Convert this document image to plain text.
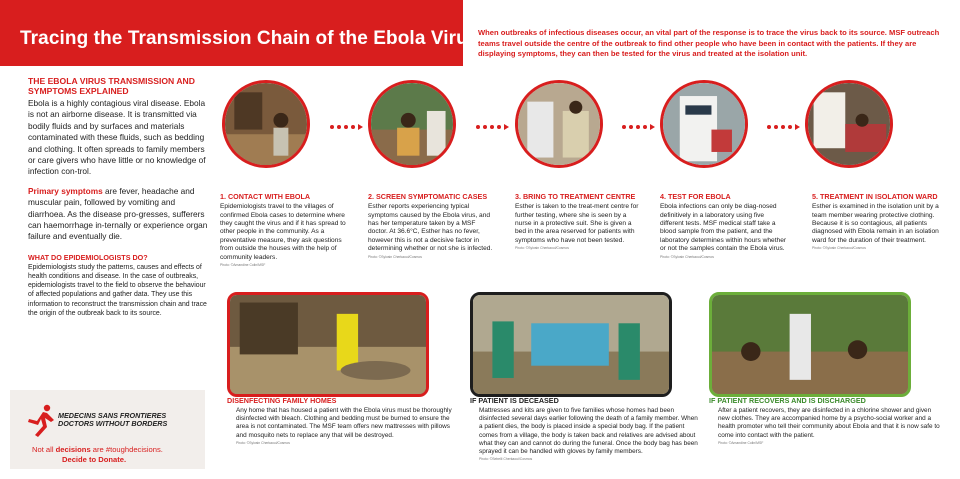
Tracing the Transmission Chain of the Ebola Virus When outbreaks of infectious diseases occur, an vital part of the response is to trace the virus back to its source. MSF outreach teams travel outside the centre of the outbreak to find other people who have been in contact with the patients. If they are displaying symptoms, they can then be tested for the virus and treated at the isolation unit.
THE EBOLA VIRUS TRANSMISSION AND SYMPTOMS EXPLAINED
Ebola is a highly contagious viral disease. Ebola is not an airborne disease. It is transmitted via bodily fluids and by surfaces and materials contaminated with these fluids, such as bedding and clothing. It often spreads to family members or care givers who have little or no knowledge of infection con-trol.
Primary symptoms are fever, headache and muscular pain, followed by vomiting and diarrhoea. As the disease pro-gresses, sufferers can haemorrhage in-ternally or experience organ failure and eventually die.
WHAT DO EPIDEMIOLOGISTS DO?
Epidemiologists study the patterns, causes and effects of health conditions and disease. In the case of outbreaks, epidemiologists travel to the field to observe the behaviour of affected populations and gather data. They use this information to reconstruct the transmission chain and trace the origin of the outbreak back to its source.
MEDECINS SANS FRONTIERES
DOCTORS WITHOUT BORDERS
Not all decisions are #toughdecisions.
Decide to Donate.
1. CONTACT WITH EBOLA
Epidemiologists travel to the villages of confirmed Ebola cases to determine where they caught the virus and if it has spread to other people in the community. As a preventative measure, they ask questions from outside the houses with the help of community leaders.
Photo: ©Amandine Colin/MSF
2. SCREEN SYMPTOMATIC CASES
Esther reports experiencing typical symptoms caused by the Ebola virus, and has her temperature taken by a MSF doctor. At 36.6°C, Esther has no fever, however this is not a decisive factor in determining whether or not she is infected.
Photo: ©Sylvain Cherkaoui/Cosmos
3. BRING TO TREATMENT CENTRE
Esther is taken to the treat-ment centre for further testing, where she is seen by a nurse in a protective suit. She is given a bed in the area reserved for patients with symptoms who have not been tested.
Photo: ©Sylvain Cherkaoui/Cosmos
4. TEST FOR EBOLA
Ebola infections can only be diag-nosed definitively in a laboratory using five different tests. MSF medical staff take a blood sample from the patient, and the laboratory determines within hours whether or not the samples contain the Ebola virus.
Photo: ©Sylvain Cherkaoui/Cosmos
5. TREATMENT IN ISOLATION WARD
Esther is examined in the isolation unit by a team member wearing protective clothing. Because it is so contagious, all patients diagnosed with Ebola remain in an isolation ward for the duration of their treatment.
Photo: ©Sylvain Cherkaoui/Cosmos
DISENFECTING FAMILY HOMES
Any home that has housed a patient with the Ebola virus must be thoroughly disinfected with bleach. Clothing and bedding must be burned to ensure the area is not contaminated. The MSF team offers new mattresses with pillows and mosquito nets to replace any that will be destroyed.
Photo: ©Sylvain Cherkaoui/Cosmos
IF PATIENT IS DECEASED
Mattresses and kits are given to five families whose homes had been disinfected several days earlier following the death of a family member. When a patient dies, the body is placed inside a special body bag. If the patient comes from a village, the body is taken back and relatives are advised about what they can and cannot do during the funeral. Once the body bag has been sprayed it can be handled with gloves by family members.
Photo: ©Sebelli Cherkaoui/Cosmos
IF PATIENT RECOVERS AND IS DISCHARGED
After a patient recovers, they are disinfected in a chlorine shower and given new clothes. They are accompanied home by a psycho-social worker and a health promoter who tell their community about Ebola and that it is now safe to come into contact with the patient.
Photo: ©Amandine Colin/MSF
